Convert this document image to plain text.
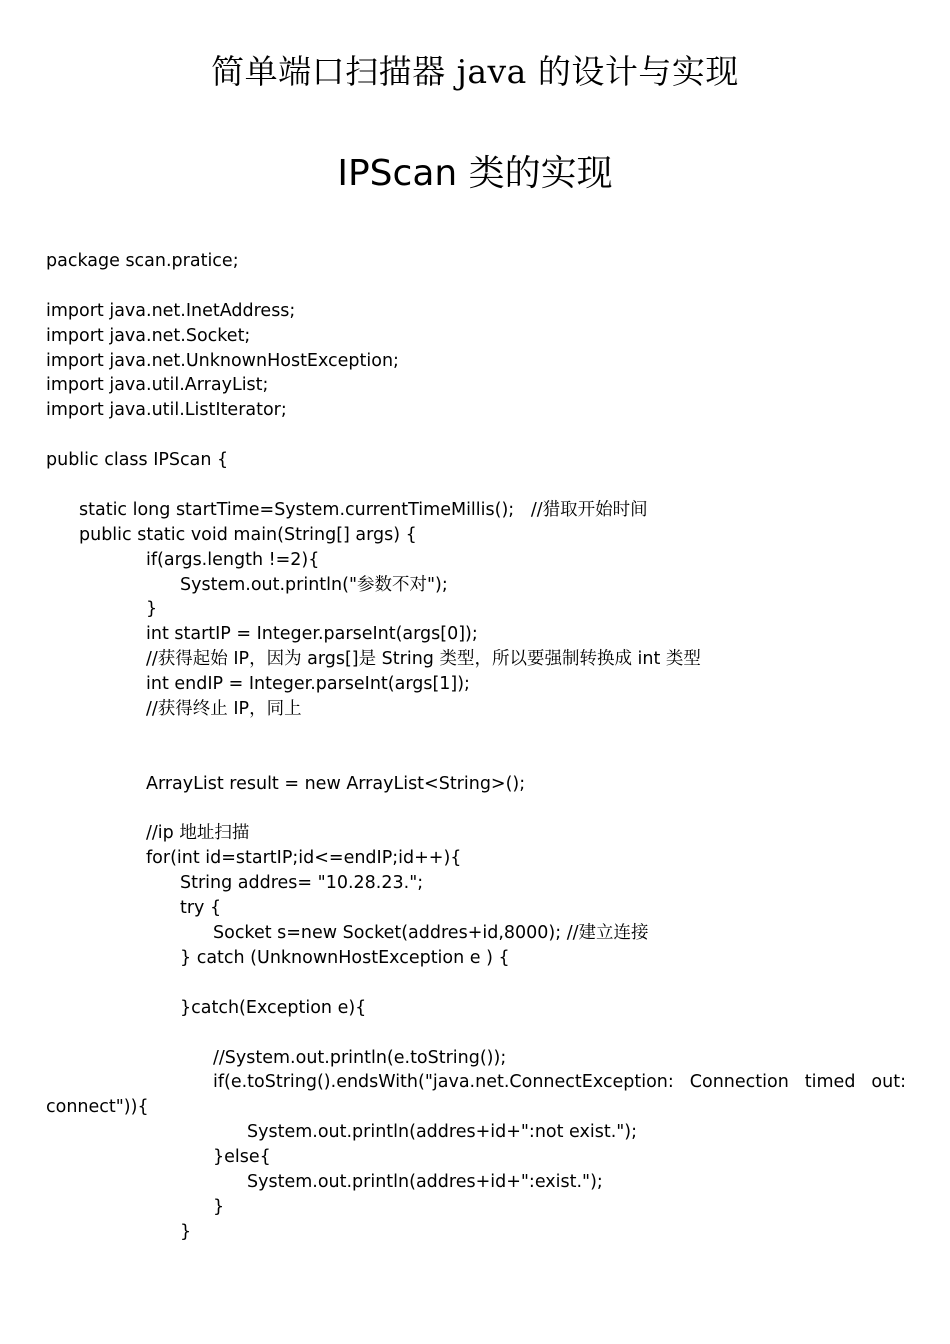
简单端口扫描器 java 的设计与实现
IPScan 类的实现
package scan.pratice;
import java.net.InetAddress;
import java.net.Socket;
import java.net.UnknownHostException;
import java.util.ArrayList;
import java.util.ListIterator;
public class IPScan {
static long startTime=System.currentTimeMillis();   //猎取开始时间
public static void main(String[] args) {
if(args.length !=2){
System.out.println("参数不对");
}
int startIP = Integer.parseInt(args[0]);
//获得起始 IP，因为 args[]是 String 类型，所以要强制转换成 int 类型
int endIP = Integer.parseInt(args[1]);
//获得终止 IP，同上
ArrayList result = new ArrayList<String>();
//ip 地址扫描
for(int id=startIP;id<=endIP;id++){
String addres= "10.28.23.";
try {
Socket s=new Socket(addres+id,8000); //建立连接
} catch (UnknownHostException e ) {
}catch(Exception e){
//System.out.println(e.toString());
if(e.toString().endsWith("java.net.ConnectException: Connection timed out:
connect")){
System.out.println(addres+id+":not exist.");
}else{
System.out.println(addres+id+":exist.");
}
}
